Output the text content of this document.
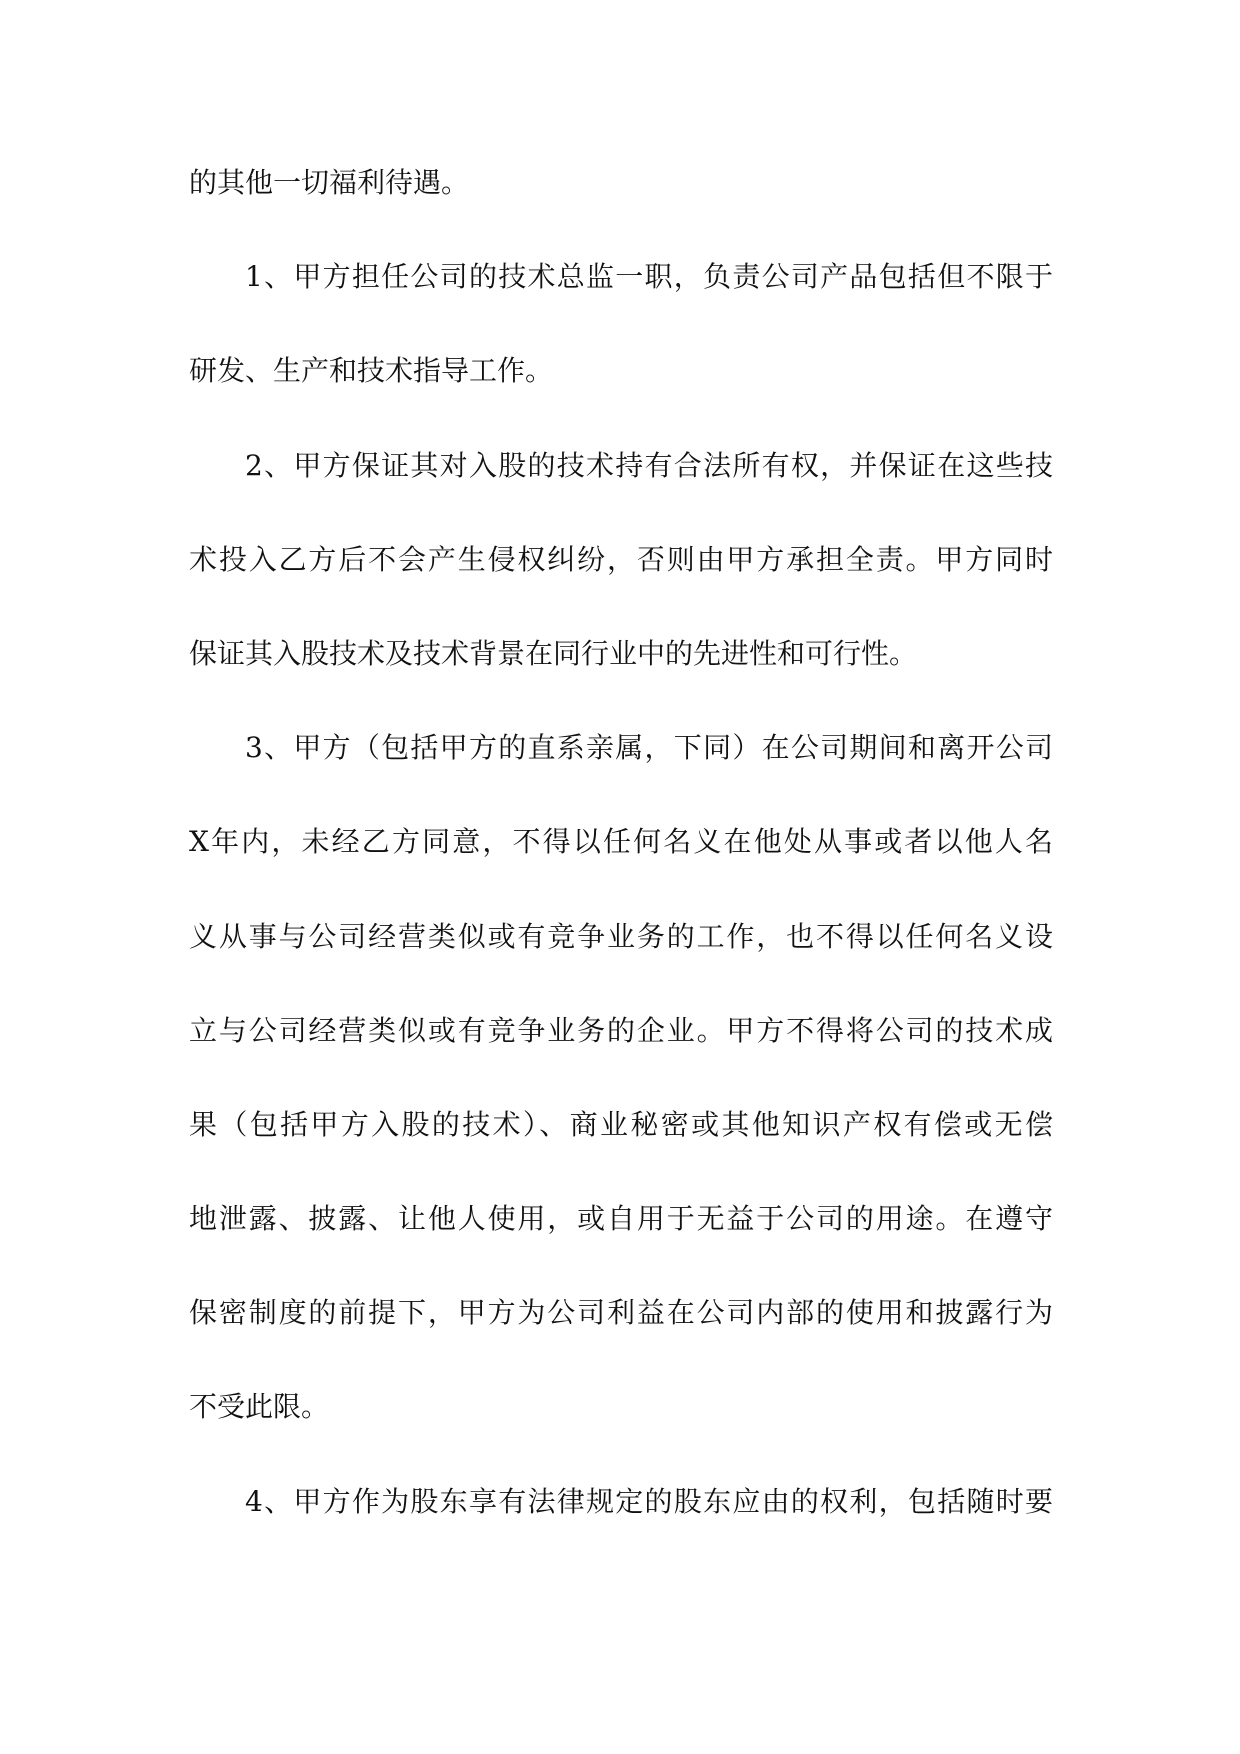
的其他一切福利待遇。
1、甲方担任公司的技术总监一职，负责公司产品包括但不限于
研发、生产和技术指导工作。
2、甲方保证其对入股的技术持有合法所有权，并保证在这些技
术投入乙方后不会产生侵权纠纷，否则由甲方承担全责。甲方同时
保证其入股技术及技术背景在同行业中的先进性和可行性。
3、甲方（包括甲方的直系亲属，下同）在公司期间和离开公司
X年内，未经乙方同意，不得以任何名义在他处从事或者以他人名
义从事与公司经营类似或有竞争业务的工作，也不得以任何名义设
立与公司经营类似或有竞争业务的企业。甲方不得将公司的技术成
果（包括甲方入股的技术）、商业秘密或其他知识产权有偿或无偿
地泄露、披露、让他人使用，或自用于无益于公司的用途。在遵守
保密制度的前提下，甲方为公司利益在公司内部的使用和披露行为
不受此限。
4、甲方作为股东享有法律规定的股东应由的权利，包括随时要
